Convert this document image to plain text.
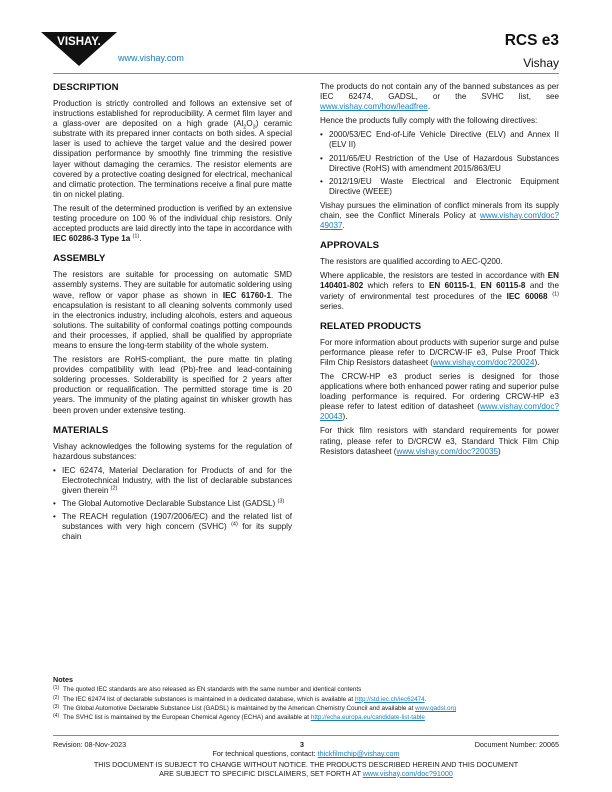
VISHAY.
www.vishay.com
RCS e3
Vishay
DESCRIPTION

Production is strictly controlled and follows an extensive set of instructions established for reproducibility. A cermet film layer and a glass-over are deposited on a high grade $(Al_2O_3)$ ceramic substrate with its prepared inner contacts on both sides. A special laser is used to achieve the target value and the desired power dissipation performance by smoothly fine trimming the resistive layer without damaging the ceramics. The resistor elements are covered by a protective coating designed for electrical, mechanical and climatic protection. The terminations receive a final pure matte tin on nickel plating.

The result of the determined production is verified by an extensive testing procedure on 100 % of the individual chip resistors. Only accepted products are laid directly into the tape in accordance with IEC 60286-3 Type 1a $^{(1)}$.

ASSEMBLY

The resistors are suitable for processing on automatic SMD assembly systems. They are suitable for automatic soldering using wave, reflow or vapor phase as shown in IEC 61760-1. The encapsulation is resistant to all cleaning solvents commonly used in the electronics industry, including alcohols, esters and aqueous solutions. The suitability of conformal coatings potting compounds and their processes, if applied, shall be qualified by appropriate means to ensure the long-term stability of the whole system.

The resistors are RoHS-compliant, the pure matte tin plating provides compatibility with lead (Pb)-free and lead-containing soldering processes. Solderability is specified for 2 years after production or requalification. The permitted storage time is 20 years. The immunity of the plating against tin whisker growth has been proven under extensive testing.

MATERIALS

Vishay acknowledges the following systems for the regulation of hazardous substances:

• IEC 62474, Material Declaration for Products of and for the Electrotechnical Industry, with the list of declarable substances given therein $^{(2)}$
• The Global Automotive Declarable Substance List (GADSL) $^{(3)}$
• The REACH regulation (1907/2006/EC) and the related list of substances with very high concern (SVHC) $^{(4)}$ for its supply chain

The products do not contain any of the banned substances as per IEC 62474, GADSL, or the SVHC list, see www.vishay.com/how/leadfree.

Hence the products fully comply with the following directives:

• 2000/53/EC End-of-Life Vehicle Directive (ELV) and Annex II (ELV II)
• 2011/65/EU Restriction of the Use of Hazardous Substances Directive (RoHS) with amendment 2015/863/EU
• 2012/19/EU Waste Electrical and Electronic Equipment Directive (WEEE)

Vishay pursues the elimination of conflict minerals from its supply chain, see the Conflict Minerals Policy at www.vishay.com/doc?49037.

APPROVALS

The resistors are qualified according to AEC-Q200.

Where applicable, the resistors are tested in accordance with EN 140401-802 which refers to EN 60115-1, EN 60115-8 and the variety of environmental test procedures of the IEC 60068 $^{(1)}$ series.

RELATED PRODUCTS

For more information about products with superior surge and pulse performance please refer to D/CRCW-IF e3, Pulse Proof Thick Film Chip Resistors datasheet (www.vishay.com/doc?20024).

The CRCW-HP e3 product series is designed for those applications where both enhanced power rating and superior pulse loading performance is required. For ordering CRCW-HP e3 please refer to latest edition of datasheet (www.vishay.com/doc?20043).

For thick film resistors with standard requirements for power rating, please refer to D/CRCW e3, Standard Thick Film Chip Resistors datasheet (www.vishay.com/doc?20035)

Notes
(1) The quoted IEC standards are also released as EN standards with the same number and identical contents
(2) The IEC 62474 list of declarable substances is maintained in a dedicated database, which is available at http://std.iec.ch/iec62474.
(3) The Global Automotive Declarable Substance List (GADSL) is maintained by the American Chemistry Council and available at www.gadsl.org
(4) The SVHC list is maintained by the European Chemical Agency (ECHA) and available at http://echa.europa.eu/candidate-list-table
Revision: 08-Nov-2023	3	Document Number: 20065
For technical questions, contact: thickfilmchip@vishay.com
THIS DOCUMENT IS SUBJECT TO CHANGE WITHOUT NOTICE. THE PRODUCTS DESCRIBED HEREIN AND THIS DOCUMENT
ARE SUBJECT TO SPECIFIC DISCLAIMERS, SET FORTH AT www.vishay.com/doc?91000
